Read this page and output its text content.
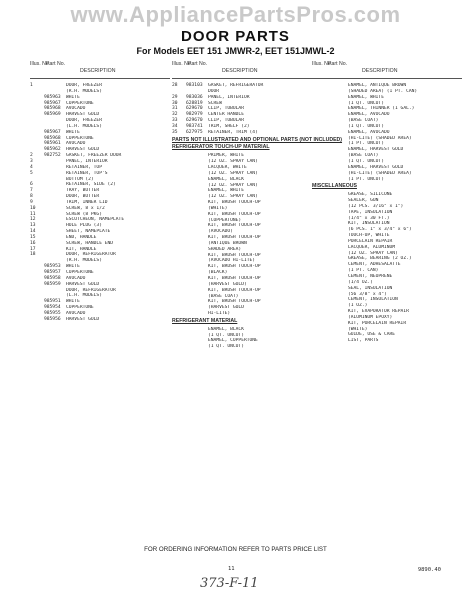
www.AppliancePartsPros.com
DOOR PARTS
For Models EET 151 JMWR-2, EET 151JMWL-2
Illus. No.
Part No.
DESCRIPTION
1	DOOR, FREEZER
(R.H. MODELS)
985963	WHITE
985967	COPPERTONE
985968	AVOCADO
985969	HARVEST GOLD
DOOR, FREEZER
(L.H. MODELS)
985967	WHITE
985968	COPPERTONE
985961	AVOCADO
985962	HARVEST GOLD
2	982752	GASKET, FREEZER DOOR
3	PANEL, INTERIOR
4	RETAINER, TOP
5	RETAINER, TOP'S
BOTTOM (2)
6	RETAINER, SIDE (2)
7	TRAY, BUTTER
8	DOOR, BUTTER
9	TRIM, INNER LID
10	SCREW, 8 x 1/2
11	SCREW (8 PKG)
12	ESCUTCHEON, NAMEPLATE
13	HOLE PLUG (3)
14	SHEET, NAMEPLATE
15	END, HANDLE
16	SCREW, HANDLE END
17	KIT, HANDLE
18	DOOR, REFRIGERATOR
(R.H. MODELS)
985953	WHITE
985957	COPPERTONE
985958	AVOCADO
985959	HARVEST GOLD
DOOR, REFRIGERATOR
(L.H. MODELS)
985951	WHITE
985954	COPPERTONE
985955	AVOCADO
985956	HARVEST GOLD
Illus. No.
Part No.
DESCRIPTION
28	983103	GASKET, REFRIGERATOR
DOOR
29	983036	PANEL, INTERIOR
30	628819	SCREW
31	629670	CLIP, TUBULAR
32	982979	CENTER HANDLE
33	629670	CLIP, TUBULAR
34	983741	TRIM, SHELF (2)
35	627975	RETAINER, TRIM (4)
PARTS NOT ILLUSTRATED AND OPTIONAL PARTS (NOT INCLUDED)
REFRIGERATOR TOUCH-UP MATERIAL
PRIMER, WHITE
(12 OZ. SPRAY CAN)
LACQUER, WHITE
(12 OZ. SPRAY CAN)
ENAMEL, BLACK
(12 OZ. SPRAY CAN)
ENAMEL, WHITE
(12 OZ. SPRAY CAN)
KIT, BRUSH TOUCH-UP
(WHITE)
KIT, BRUSH TOUCH-UP
(COPPERTONE)
KIT, BRUSH TOUCH-UP
(AVOCADO)
KIT, BRUSH TOUCH-UP
(ANTIQUE BROWN
SHADED AREA)
KIT, BRUSH TOUCH-UP
(AVOCADO HI-LITE)
KIT, BRUSH TOUCH-UP
(BLACK)
KIT, BRUSH TOUCH-UP
(HARVEST GOLD)
KIT, BRUSH TOUCH-UP
(BASE COAT)
KIT, BRUSH TOUCH-UP
(HARVEST GOLD
HI-LITE)
REFRIGERANT MATERIAL
ENAMEL, BLACK
(1 QT. UNCUT)
ENAMEL, COPPERTONE
(1 QT. UNCUT)
Illus. No.
Part No.
DESCRIPTION
ENAMEL, ANTIQUE BROWN
(SHADED AREA) (1 PT. CAN)
ENAMEL, WHITE
(1 QT. UNCUT)
ENAMEL, THINNER (1 GAL.)
ENAMEL, AVOCADO
(BASE COAT)
(1 QT. UNCUT)
ENAMEL, AVOCADO
(HI-LITE) (SHADED AREA)
(1 PT. UNCUT)
ENAMEL, HARVEST GOLD
(BASE COAT)
(1 QT. UNCUT)
ENAMEL, HARVEST GOLD
(HI-LITE) (SHADED AREA)
(1 PT. UNCUT)
MISCELLANEOUS
GREASE, SILICONE
SEALER, GUN
(12 PCS. 3/16" x 1")
TAPE, INSULATION
(1/4" x 30 FT.)
KIT, INSULATION
(6 PCS. 1" x 3/4" x 6")
TOUCH-UP, WHITE
PORCELAIN REPAIR
LACQUER, ALUMINUM
(12 OZ. SPRAY CAN)
GREASE, BEARING (2 OZ.)
CEMENT, ADHESALATTE
(1 PT. CAN)
CEMENT, NEOPRENE
(1/4 OZ.)
SEAL, INSULATION
(56 3/8" x 4")
CEMENT, INSULATION
(1 OZ.)
KIT, EVAPORATOR REPAIR
(ALUMINUM EPOXY)
KIT, PORCELAIN REPAIR
(WHITE)
GUIDE, USE & CARE
LIST, PARTS
FOR ORDERING INFORMATION REFER TO PARTS PRICE LIST
11	9890.40
373-F-11
